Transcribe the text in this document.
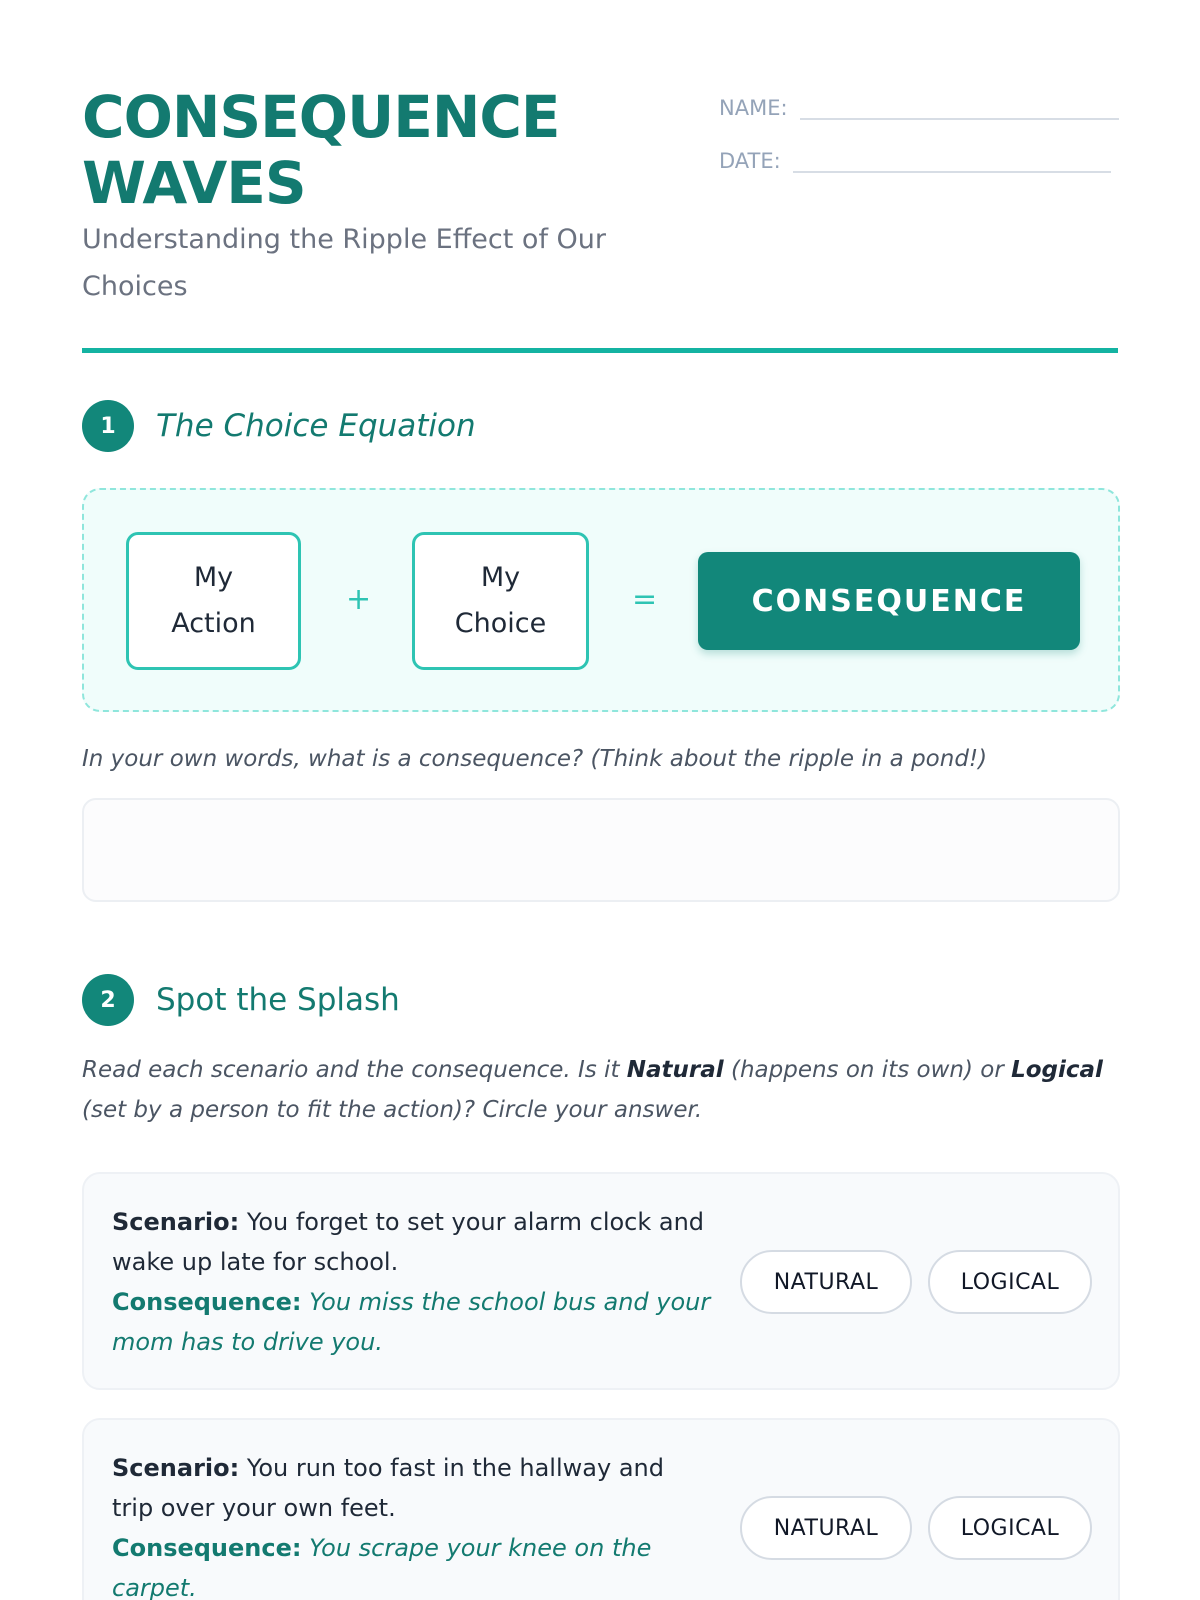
CONSEQUENCE
WAVES
Understanding the Ripple Effect of Our Choices
NAME:
DATE:
1	The Choice Equation
My
Action
+
My
Choice
=	CONSEQUENCE
In your own words, what is a consequence? (Think about the ripple in a pond!)
2	Spot the Splash
Read each scenario and the consequence. Is it Natural (happens on its own) or Logical (set by a person to fit the action)? Circle your answer.
Scenario: You forget to set your alarm clock and wake up late for school.
Consequence: You miss the school bus and your mom has to drive you.
NATURAL	LOGICAL
Scenario: You run too fast in the hallway and trip over your own feet.
Consequence: You scrape your knee on the carpet.
NATURAL	LOGICAL
